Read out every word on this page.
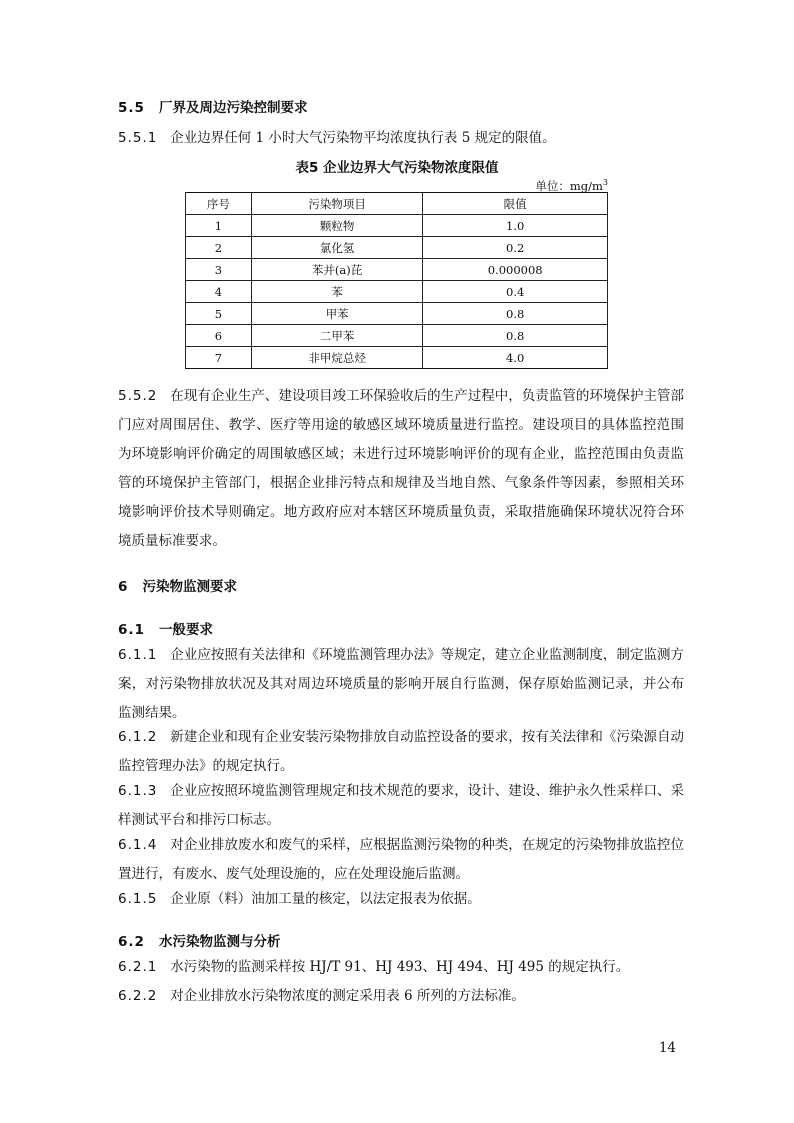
5.5 厂界及周边污染控制要求
5.5.1 企业边界任何 1 小时大气污染物平均浓度执行表 5 规定的限值。
表5 企业边界大气污染物浓度限值
单位：$mg/m^3$
序号	污染物项目	限值
1	颗粒物	1.0
2	氯化氢	0.2
3	苯并(a)芘	0.000008
4	苯	0.4
5	甲苯	0.8
6	二甲苯	0.8
7	非甲烷总烃	4.0
5.5.2 在现有企业生产、建设项目竣工环保验收后的生产过程中，负责监管的环境保护主管部门应对周围居住、教学、医疗等用途的敏感区域环境质量进行监控。建设项目的具体监控范围为环境影响评价确定的周围敏感区域；未进行过环境影响评价的现有企业，监控范围由负责监管的环境保护主管部门，根据企业排污特点和规律及当地自然、气象条件等因素，参照相关环境影响评价技术导则确定。地方政府应对本辖区环境质量负责，采取措施确保环境状况符合环境质量标准要求。
6 污染物监测要求
6.1 一般要求
6.1.1 企业应按照有关法律和《环境监测管理办法》等规定，建立企业监测制度，制定监测方案，对污染物排放状况及其对周边环境质量的影响开展自行监测，保存原始监测记录，并公布监测结果。
6.1.2 新建企业和现有企业安装污染物排放自动监控设备的要求，按有关法律和《污染源自动监控管理办法》的规定执行。
6.1.3 企业应按照环境监测管理规定和技术规范的要求，设计、建设、维护永久性采样口、采样测试平台和排污口标志。
6.1.4 对企业排放废水和废气的采样，应根据监测污染物的种类，在规定的污染物排放监控位置进行，有废水、废气处理设施的，应在处理设施后监测。
6.1.5 企业原（料）油加工量的核定，以法定报表为依据。
6.2 水污染物监测与分析
6.2.1 水污染物的监测采样按 HJ/T 91、HJ 493、HJ 494、HJ 495 的规定执行。
6.2.2 对企业排放水污染物浓度的测定采用表 6 所列的方法标准。
14
